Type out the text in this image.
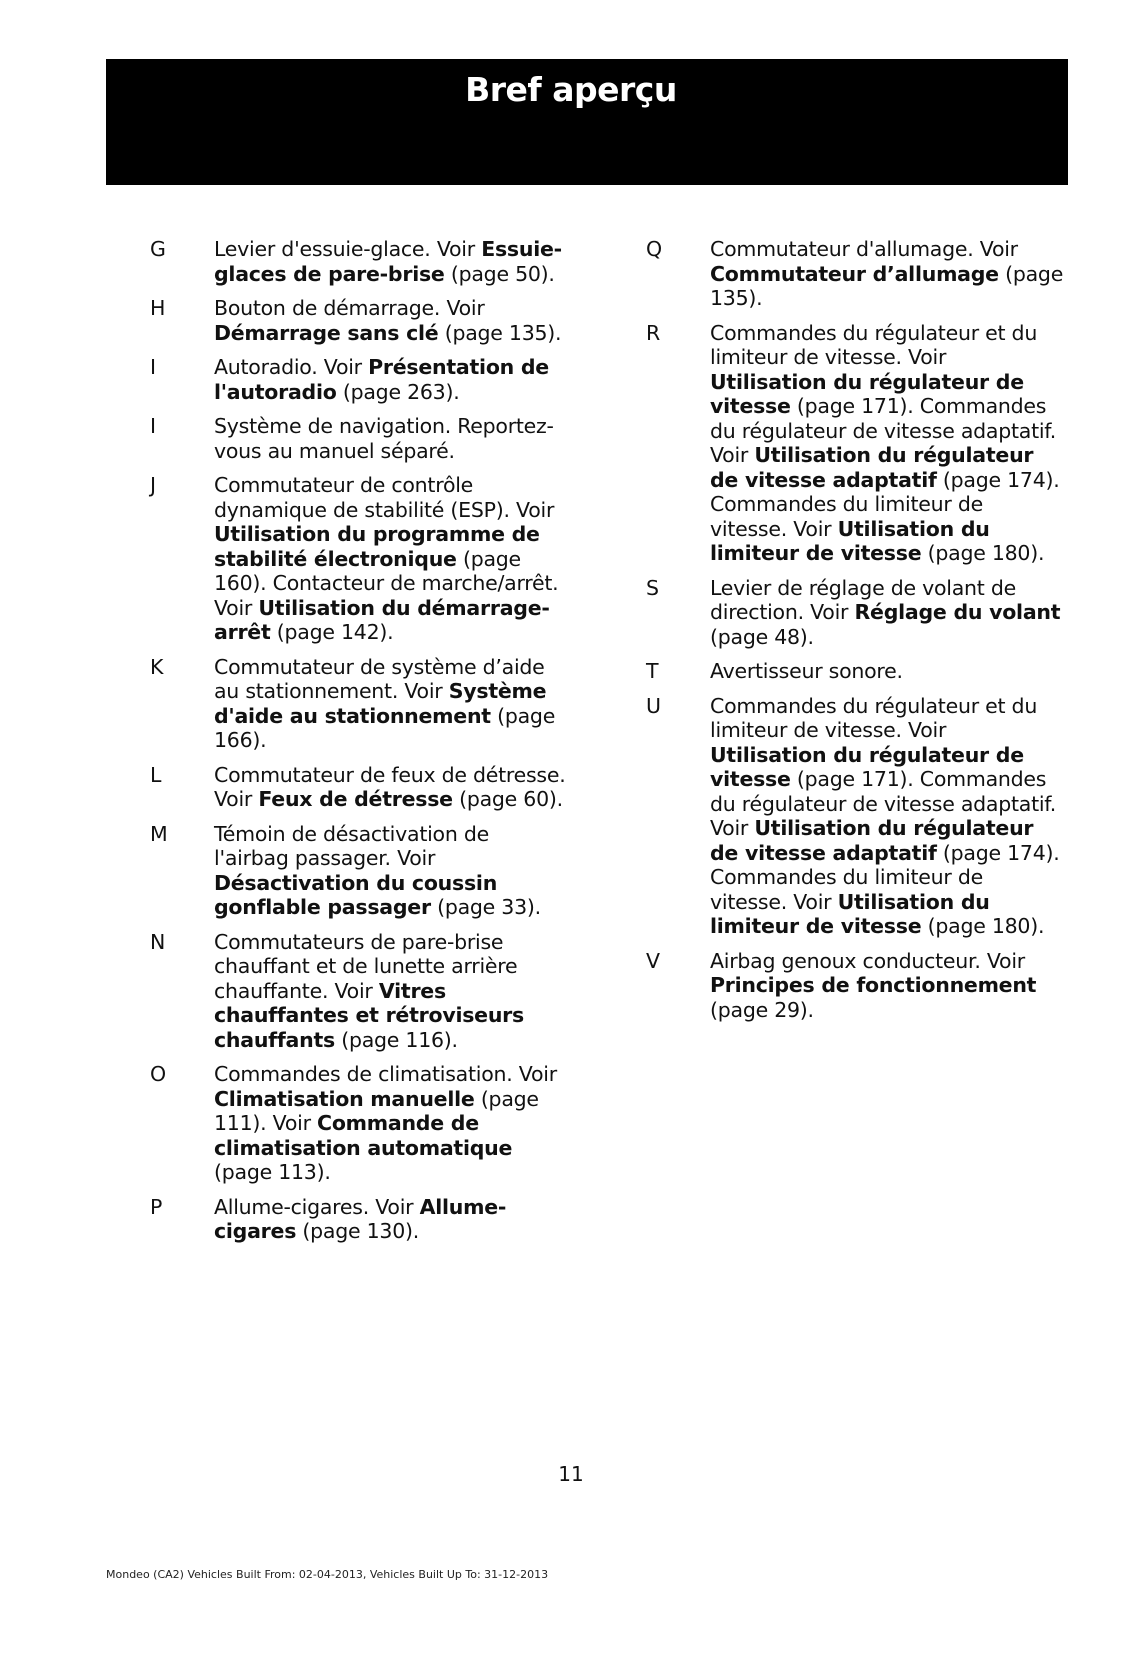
Bref aperçu
G	Levier d'essuie-glace. Voir Essuie-glaces de pare-brise (page 50).
H	Bouton de démarrage. Voir Démarrage sans clé (page 135).
I	Autoradio. Voir Présentation de l'autoradio (page 263).
I	Système de navigation. Reportez-vous au manuel séparé.
J	Commutateur de contrôle dynamique de stabilité (ESP). Voir Utilisation du programme de stabilité électronique (page 160). Contacteur de marche/arrêt. Voir Utilisation du démarrage-arrêt (page 142).
K	Commutateur de système d’aide au stationnement. Voir Système d'aide au stationnement (page 166).
L	Commutateur de feux de détresse. Voir Feux de détresse (page 60).
M	Témoin de désactivation de l'airbag passager. Voir Désactivation du coussin gonflable passager (page 33).
N	Commutateurs de pare-brise chauffant et de lunette arrière chauffante. Voir Vitres chauffantes et rétroviseurs chauffants (page 116).
O	Commandes de climatisation. Voir Climatisation manuelle (page 111). Voir Commande de climatisation automatique (page 113).
P	Allume-cigares. Voir Allume-cigares (page 130).
Q	Commutateur d'allumage. Voir Commutateur d’allumage (page 135).
R	Commandes du régulateur et du limiteur de vitesse. Voir Utilisation du régulateur de vitesse (page 171). Commandes du régulateur de vitesse adaptatif. Voir Utilisation du régulateur de vitesse adaptatif (page 174). Commandes du limiteur de vitesse. Voir Utilisation du limiteur de vitesse (page 180).
S	Levier de réglage de volant de direction. Voir Réglage du volant (page 48).
T	Avertisseur sonore.
U	Commandes du régulateur et du limiteur de vitesse. Voir Utilisation du régulateur de vitesse (page 171). Commandes du régulateur de vitesse adaptatif. Voir Utilisation du régulateur de vitesse adaptatif (page 174). Commandes du limiteur de vitesse. Voir Utilisation du limiteur de vitesse (page 180).
V	Airbag genoux conducteur. Voir Principes de fonctionnement (page 29).
11
Mondeo (CA2) Vehicles Built From: 02-04-2013, Vehicles Built Up To: 31-12-2013
